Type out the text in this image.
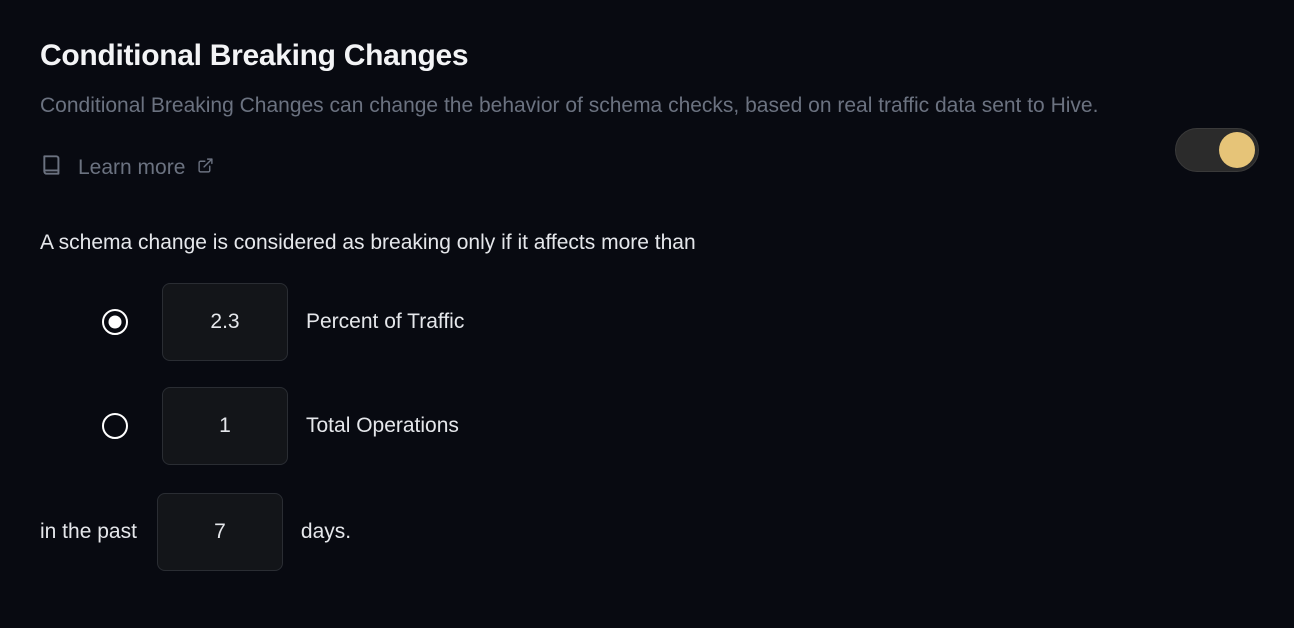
Conditional Breaking Changes
Conditional Breaking Changes can change the behavior of schema checks, based on real traffic data sent to Hive.
Learn more
A schema change is considered as breaking only if it affects more than
2.3
Percent of Traffic
1
Total Operations
in the past
7	days.
